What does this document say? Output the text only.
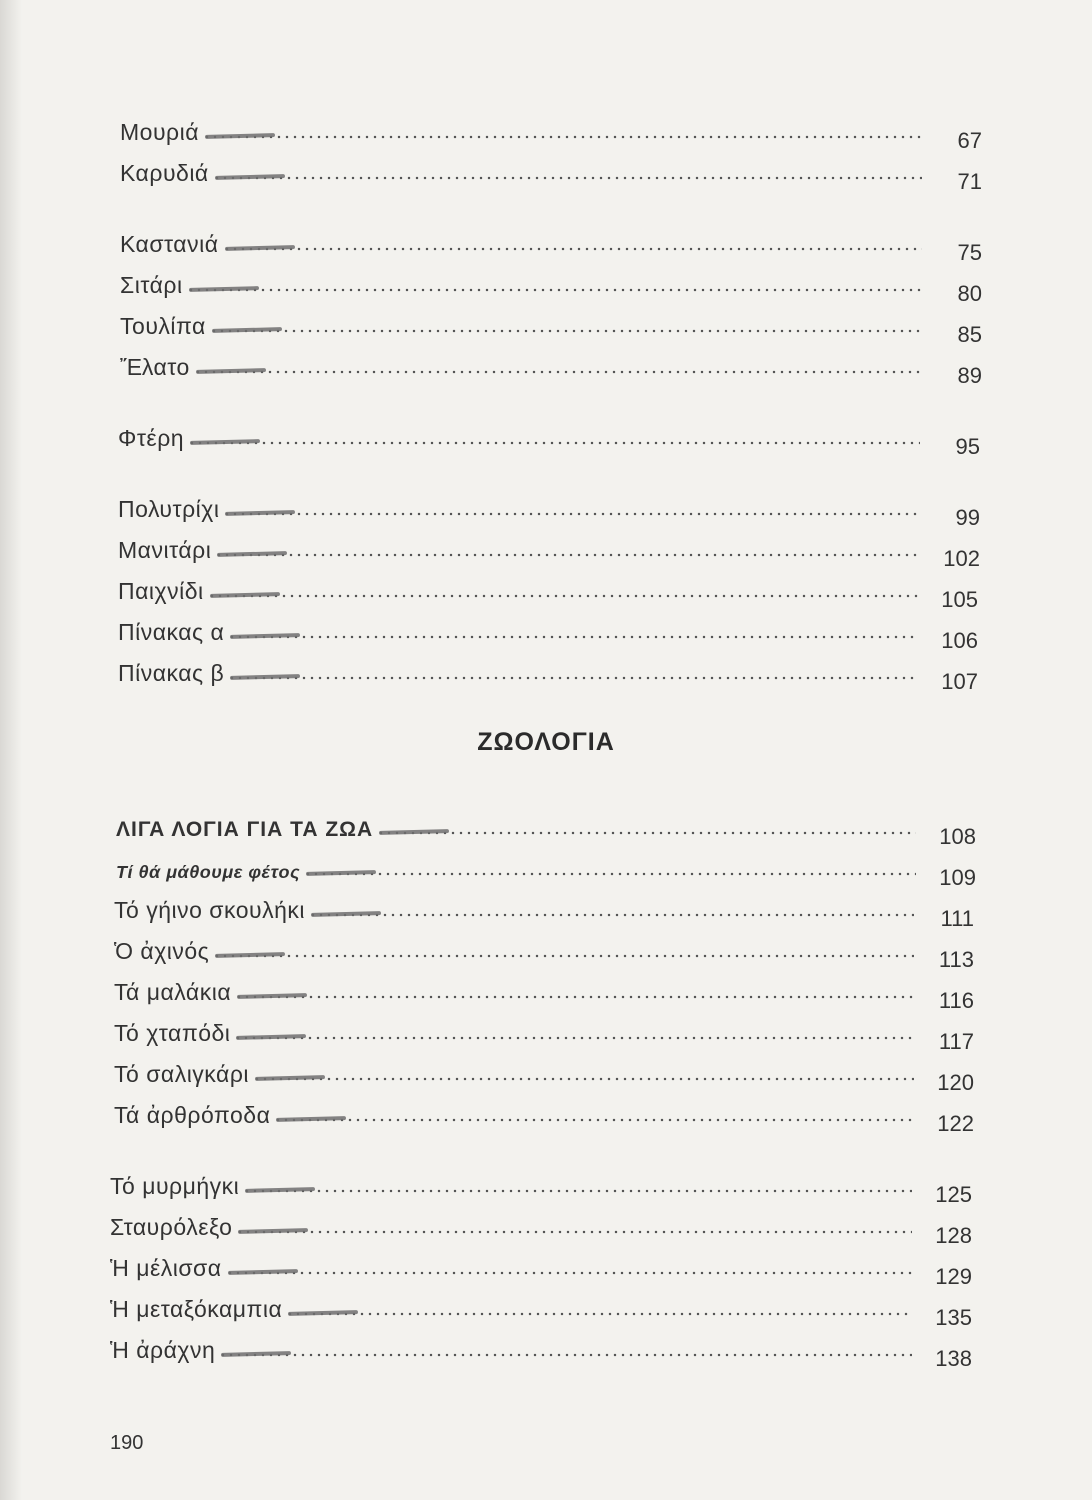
Μουριά	67
Καρυδιά	71
Καστανιά	75
Σιτάρι	80
Τουλίπα	85
Ἔλατο	89
Φτέρη	95
Πολυτρίχι	99
Μανιτάρι	102
Παιχνίδι	105
Πίνακας α	106
Πίνακας β	107
ΖΩΟΛΟΓΙΑ
ΛΙΓΑ ΛΟΓΙΑ ΓΙΑ ΤΑ ΖΩΑ	108
Τί θά μάθουμε φέτος	109
Τό γήινο σκουλήκι	111
Ὁ ἀχινός	113
Τά μαλάκια	116
Τό χταπόδι	117
Τό σαλιγκάρι	120
Τά ἀρθρόποδα	122
Τό μυρμήγκι	125
Σταυρόλεξο	128
Ἡ μέλισσα	129
Ἡ μεταξόκαμπια	135
Ἡ ἀράχνη	138
190
